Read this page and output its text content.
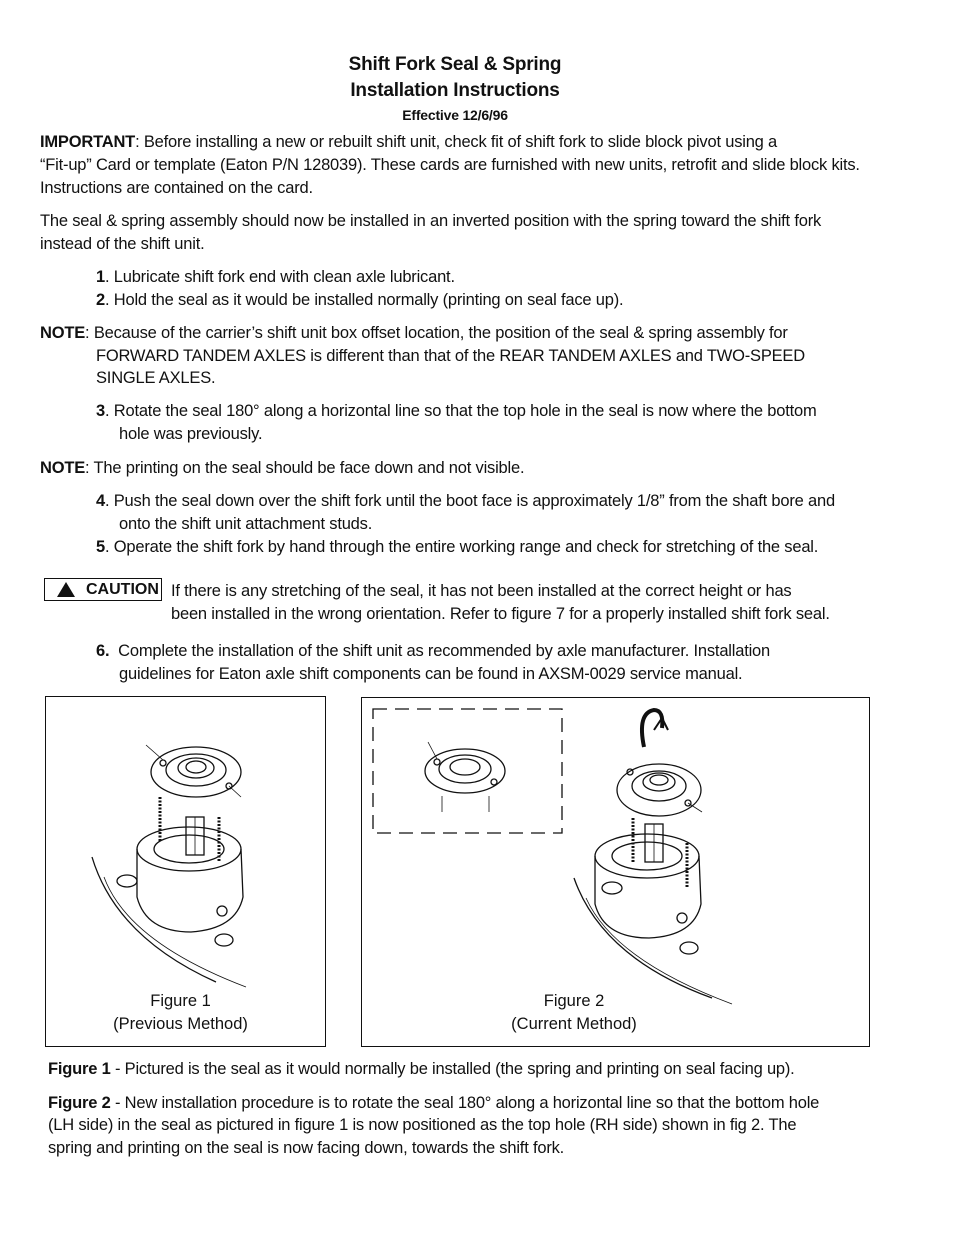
Shift Fork Seal & Spring
Installation Instructions
Effective 12/6/96
IMPORTANT: Before installing a new or rebuilt shift unit, check fit of shift fork to slide block pivot using a
“Fit-up” Card or template (Eaton P/N 128039). These cards are furnished with new units, retrofit and slide block kits.
Instructions are contained on the card.
The seal & spring assembly should now be installed in an inverted position with the spring toward the shift fork
instead of the shift unit.
1. Lubricate shift fork end with clean axle lubricant.
2. Hold the seal as it would be installed normally (printing on seal face up).
NOTE: Because of the carrier’s shift unit box offset location, the position of the seal & spring assembly for
FORWARD TANDEM AXLES is different than that of the REAR TANDEM AXLES and TWO-SPEED
SINGLE AXLES.
3. Rotate the seal 180° along a horizontal line so that the top hole in the seal is now where the bottom
hole was previously.
NOTE: The printing on the seal should be face down and not visible.
4. Push the seal down over the shift fork until the boot face is approximately 1/8” from the shaft bore and
onto the shift unit attachment studs.
5. Operate the shift fork by hand through the entire working range and check for stretching of the seal.
CAUTION If there is any stretching of the seal, it has not been installed at the correct height or has
been installed in the wrong orientation. Refer to figure 7 for a properly installed shift fork seal.
6. Complete the installation of the shift unit as recommended by axle manufacturer. Installation
guidelines for Eaton axle shift components can be found in AXSM-0029 service manual.
Figure 1
(Previous Method)
Figure 2
(Current Method)
Figure 1 - Pictured is the seal as it would normally be installed (the spring and printing on seal facing up).
Figure 2 - New installation procedure is to rotate the seal 180° along a horizontal line so that the bottom hole
(LH side) in the seal as pictured in figure 1 is now positioned as the top hole (RH side) shown in fig 2. The
spring and printing on the seal is now facing down, towards the shift fork.
